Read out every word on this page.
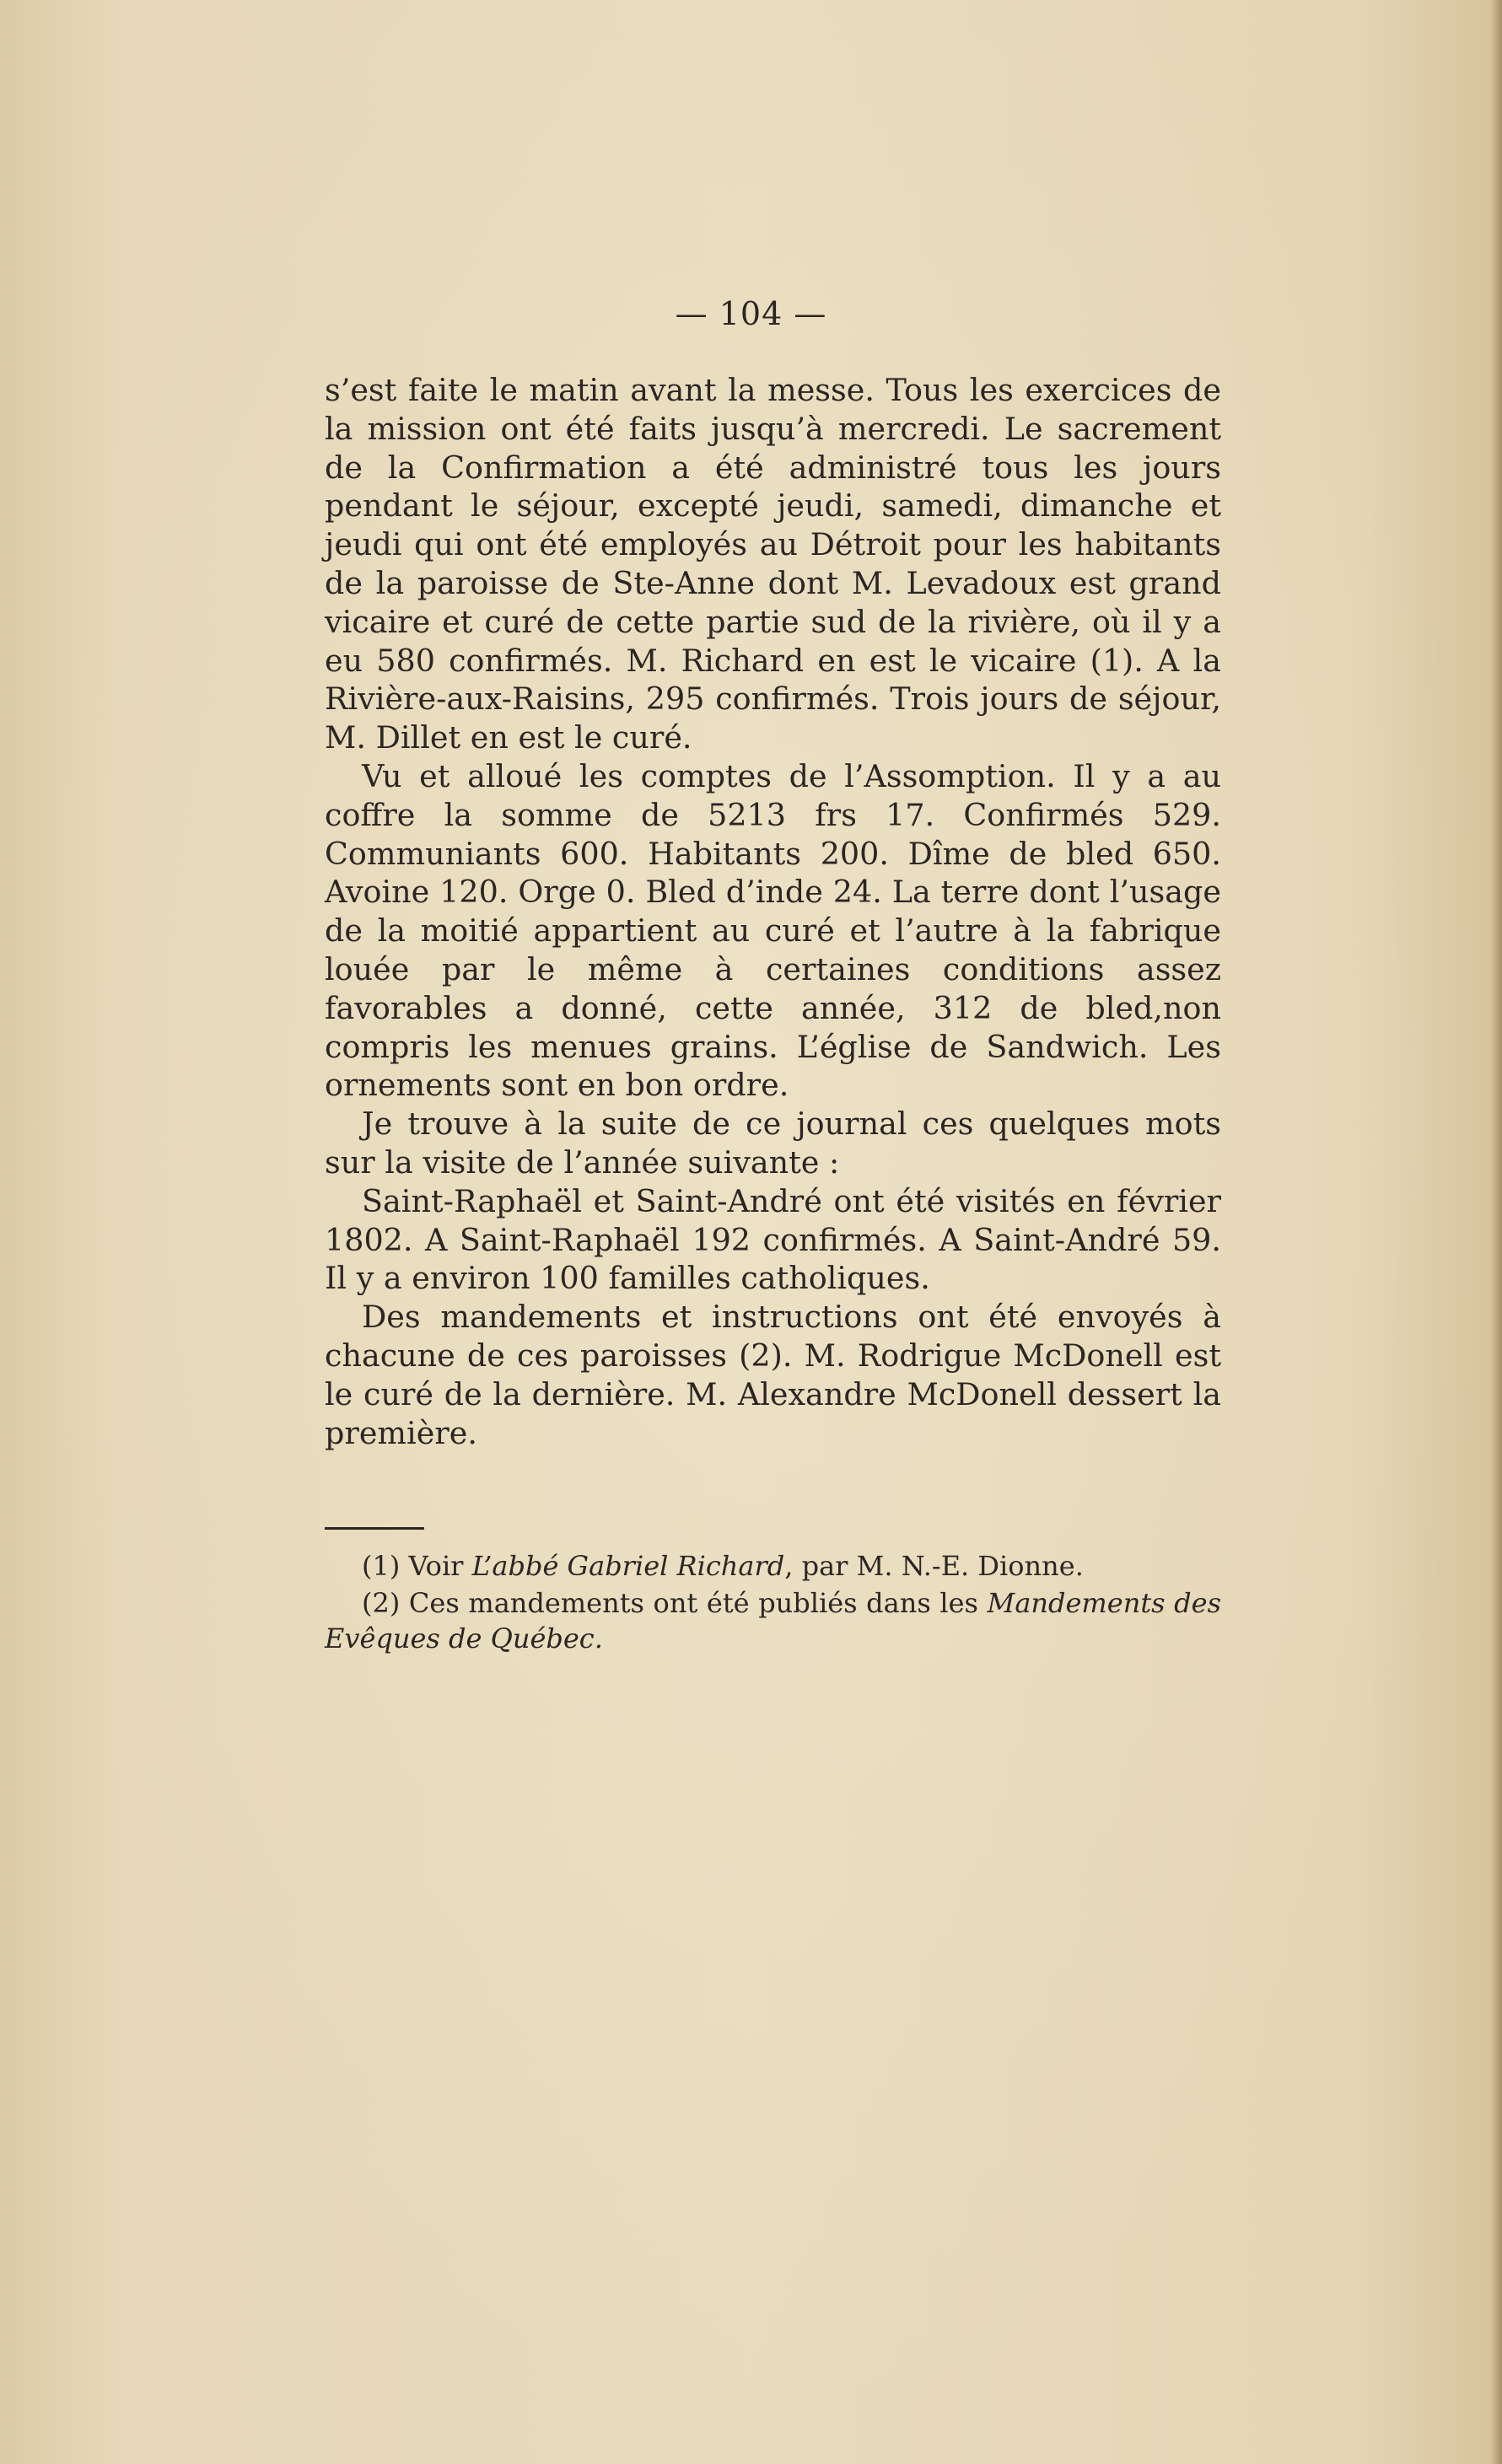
— 104 —

s’est faite le matin avant la messe. Tous les exercices de la mission ont été faits jusqu’à mercredi. Le sacrement de la Confirmation a été administré tous les jours pendant le séjour, excepté jeudi, samedi, dimanche et jeudi qui ont été employés au Détroit pour les habitants de la paroisse de Ste-Anne dont M. Levadoux est grand vicaire et curé de cette partie sud de la rivière, où il y a eu 580 confirmés. M. Richard en est le vicaire (1). A la Rivière-aux-Raisins, 295 confirmés. Trois jours de séjour, M. Dillet en est le curé.

Vu et alloué les comptes de l’Assomption. Il y a au coffre la somme de 5213 frs 17. Confirmés 529. Communiants 600. Habitants 200. Dîme de bled 650. Avoine 120. Orge 0. Bled d’inde 24. La terre dont l’usage de la moitié appartient au curé et l’autre à la fabrique louée par le même à certaines conditions assez favorables a donné, cette année, 312 de bled,non compris les menues grains. L’église de Sandwich. Les ornements sont en bon ordre.

Je trouve à la suite de ce journal ces quelques mots sur la visite de l’année suivante :

Saint-Raphaël et Saint-André ont été visités en février 1802. A Saint-Raphaël 192 confirmés. A Saint-André 59. Il y a environ 100 familles catholiques.

Des mandements et instructions ont été envoyés à chacune de ces paroisses (2). M. Rodrigue McDonell est le curé de la dernière. M. Alexandre McDonell dessert la première.

(1) Voir L’abbé Gabriel Richard, par M. N.-E. Dionne.

(2) Ces mandements ont été publiés dans les Mandements des Evêques de Québec.
